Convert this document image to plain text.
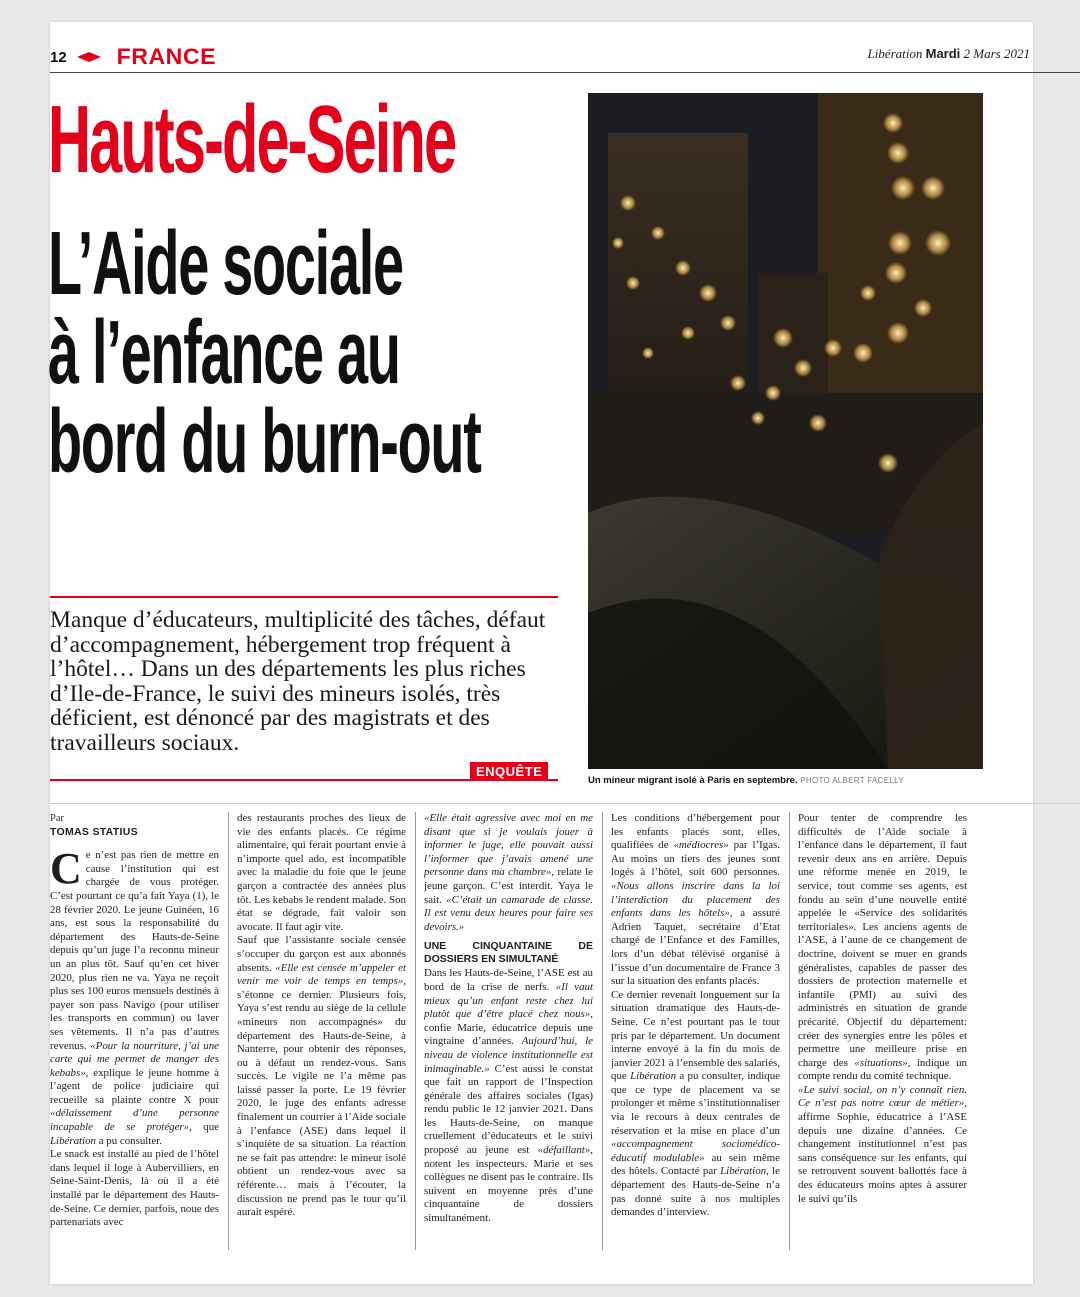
12 FRANCE	Libération Mardi 2 Mars 2021
Hauts-de-Seine
L’Aide sociale
à l’enfance au
bord du burn-out
Manque d’éducateurs, multiplicité des tâches, défaut d’accompagnement, hébergement trop fréquent à l’hôtel… Dans un des départements les plus riches d’Ile-de-France, le suivi des mineurs isolés, très déficient, est dénoncé par des magistrats et des travailleurs sociaux.
ENQUÊTE
Un mineur migrant isolé à Paris en septembre. PHOTO ALBERT FACELLY
Par
TOMAS STATIUS

Ce n’est pas rien de mettre en cause l’institution qui est chargée de vous protéger. C’est pourtant ce qu’a fait Yaya (1), le 28 février 2020. Le jeune Guinéen, 16 ans, est sous la responsabilité du département des Hauts-de-Seine depuis qu’un juge l’a reconnu mineur un an plus tôt. Sauf qu’en cet hiver 2020, plus rien ne va. Yaya ne reçoit plus ses 100 euros mensuels destinés à payer son pass Navigo (pour utiliser les transports en commun) ou laver ses vêtements. Il n’a pas d’autres revenus. «Pour la nourriture, j’ai une carte qui me permet de manger des kebabs», explique le jeune homme à l’agent de police judiciaire qui recueille sa plainte contre X pour «délaissement d’une personne incapable de se protéger», que Libération a pu consulter.

Le snack est installé au pied de l’hôtel dans lequel il loge à Aubervilliers, en Seine-Saint-Denis, là où il a été installé par le département des Hauts-de-Seine. Ce dernier, parfois, noue des partenariats avec

des restaurants proches des lieux de vie des enfants placés. Ce régime alimentaire, qui ferait pourtant envie à n’importe quel ado, est incompatible avec la maladie du foie que le jeune garçon a contractée des années plus tôt. Les kebabs le rendent malade. Son état se dégrade, fait valoir son avocate. Il faut agir vite.

Sauf que l’assistante sociale censée s’occuper du garçon est aux abonnés absents. «Elle est censée m’appeler et venir me voir de temps en temps», s’étonne ce dernier. Plusieurs fois, Yaya s’est rendu au siège de la cellule «mineurs non accompagnés» du département des Hauts-de-Seine, à Nanterre, pour obtenir des réponses, ou à défaut un rendez-vous. Sans succès. Le vigile ne l’a même pas laissé passer la porte. Le 19 février 2020, le juge des enfants adresse finalement un courrier à l’Aide sociale à l’enfance (ASE) dans lequel il s’inquiète de sa situation. La réaction ne se fait pas attendre: le mineur isolé obtient un rendez-vous avec sa référente… mais à l’écouter, la discussion ne prend pas le tour qu’il aurait espéré.

«Elle était agressive avec moi en me disant que si je voulais jouer à informer le juge, elle pouvait aussi l’informer que j’avais amené une personne dans ma chambre», relate le jeune garçon. C’est interdit. Yaya le sait. «C’était un camarade de classe. Il est venu deux heures pour faire ses devoirs.»

UNE CINQUANTAINE DE DOSSIERS EN SIMULTANÉ

Dans les Hauts-de-Seine, l’ASE est au bord de la crise de nerfs. «Il vaut mieux qu’un enfant reste chez lui plutôt que d’être placé chez nous», confie Marie, éducatrice depuis une vingtaine d’années. Aujourd’hui, le niveau de violence institutionnelle est inimaginable.» C’est aussi le constat que fait un rapport de l’Inspection générale des affaires sociales (Igas) rendu public le 12 janvier 2021. Dans les Hauts-de-Seine, on manque cruellement d’éducateurs et le suivi proposé au jeune est «défaillant», notent les inspecteurs. Marie et ses collègues ne disent pas le contraire. Ils suivent en moyenne près d’une cinquantaine de dossiers simultanément.

Les conditions d’hébergement pour les enfants placés sont, elles, qualifiées de «médiocres» par l’Igas. Au moins un tiers des jeunes sont logés à l’hôtel, soit 600 personnes. «Nous allons inscrire dans la loi l’interdiction du placement des enfants dans les hôtels», a assuré Adrien Taquet, secrétaire d’Etat chargé de l’Enfance et des Familles, lors d’un débat télévisé organisé à l’issue d’un documentaire de France 3 sur la situation des enfants placés.

Ce dernier revenait longuement sur la situation dramatique des Hauts-de-Seine. Ce n’est pourtant pas le tour pris par le département. Un document interne envoyé à la fin du mois de janvier 2021 à l’ensemble des salariés, que Libération a pu consulter, indique que ce type de placement va se prolonger et même s’institutionnaliser via le recours à deux centrales de réservation et la mise en place d’un «accompagnement sociomédico-éducatif modulable» au sein même des hôtels. Contacté par Libération, le département des Hauts-de-Seine n’a pas donné suite à nos multiples demandes d’interview.

Pour tenter de comprendre les difficultés de l’Aide sociale à l’enfance dans le département, il faut revenir deux ans en arrière. Depuis une réforme menée en 2019, le service, tout comme ses agents, est fondu au sein d’une nouvelle entité appelée le «Service des solidarités territoriales». Les anciens agents de l’ASE, à l’aune de ce changement de doctrine, doivent se muer en grands généralistes, capables de passer des dossiers de protection maternelle et infantile (PMI) au suivi des administrés en situation de grande précarité. Objectif du département: créer des synergies entre les pôles et permettre une meilleure prise en charge des «situations», indique un compte rendu du comité technique.

«Le suivi social, on n’y connaît rien. Ce n’est pas notre cœur de métier», affirme Sophie, éducatrice à l’ASE depuis une dizaine d’années. Ce changement institutionnel n’est pas sans conséquence sur les enfants, qui se retrouvent souvent ballottés face à des éducateurs moins aptes à assurer le suivi qu’ils
